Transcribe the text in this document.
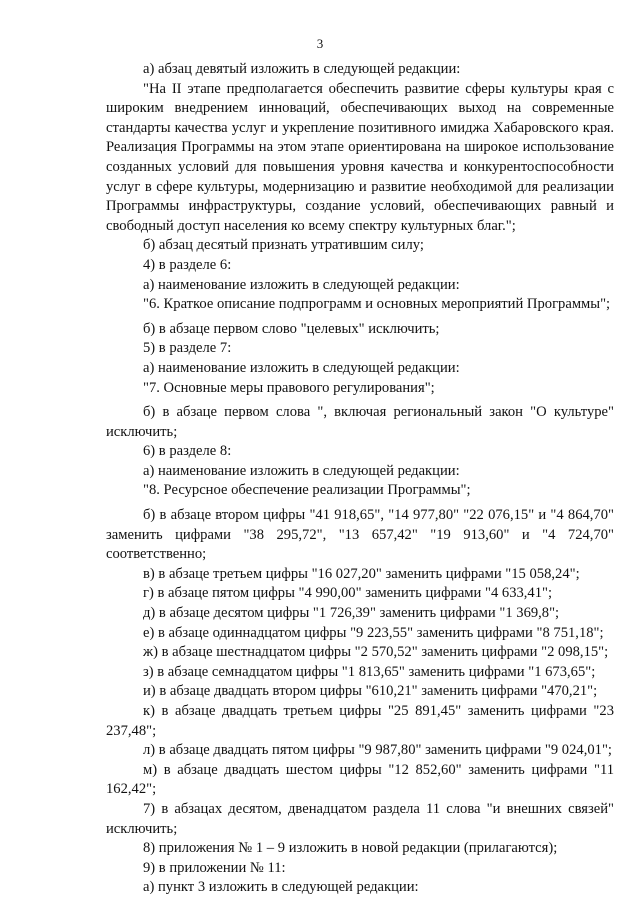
3

а) абзац девятый изложить в следующей редакции:

"На II этапе предполагается обеспечить развитие сферы культуры края с широким внедрением инноваций, обеспечивающих выход на современные стандарты качества услуг и укрепление позитивного имиджа Хабаровского края. Реализация Программы на этом этапе ориентирована на широкое использование созданных условий для повышения уровня качества и конкурентоспособности услуг в сфере культуры, модернизацию и развитие необходимой для реализации Программы инфраструктуры, создание условий, обеспечивающих равный и свободный доступ населения ко всему спектру культурных благ.";

б) абзац десятый признать утратившим силу;

4) в разделе 6:

а) наименование изложить в следующей редакции:

"6. Краткое описание подпрограмм и основных мероприятий Программы";

б) в абзаце первом слово "целевых" исключить;

5) в разделе 7:

а) наименование изложить в следующей редакции:

"7. Основные меры правового регулирования";

б) в абзаце первом слова ", включая региональный закон "О культуре" исключить;

6) в разделе 8:

а) наименование изложить в следующей редакции:

"8. Ресурсное обеспечение реализации Программы";

б) в абзаце втором цифры "41 918,65", "14 977,80" "22 076,15" и "4 864,70" заменить цифрами "38 295,72", "13 657,42" "19 913,60" и "4 724,70" соответственно;

в) в абзаце третьем цифры "16 027,20" заменить цифрами "15 058,24";

г) в абзаце пятом цифры "4 990,00" заменить цифрами "4 633,41";

д) в абзаце десятом цифры "1 726,39" заменить цифрами "1 369,8";

е) в абзаце одиннадцатом цифры "9 223,55" заменить цифрами "8 751,18";

ж) в абзаце шестнадцатом цифры "2 570,52" заменить цифрами "2 098,15";

з) в абзаце семнадцатом цифры "1 813,65" заменить цифрами "1 673,65";

и) в абзаце двадцать втором цифры "610,21" заменить цифрами "470,21";

к) в абзаце двадцать третьем цифры "25 891,45" заменить цифрами "23 237,48";

л) в абзаце двадцать пятом цифры "9 987,80" заменить цифрами "9 024,01";

м) в абзаце двадцать шестом цифры "12 852,60" заменить цифрами "11 162,42";

7) в абзацах десятом, двенадцатом раздела 11 слова "и внешних связей" исключить;

8) приложения № 1 – 9 изложить в новой редакции (прилагаются);

9) в приложении № 11:

а) пункт 3 изложить в следующей редакции:
